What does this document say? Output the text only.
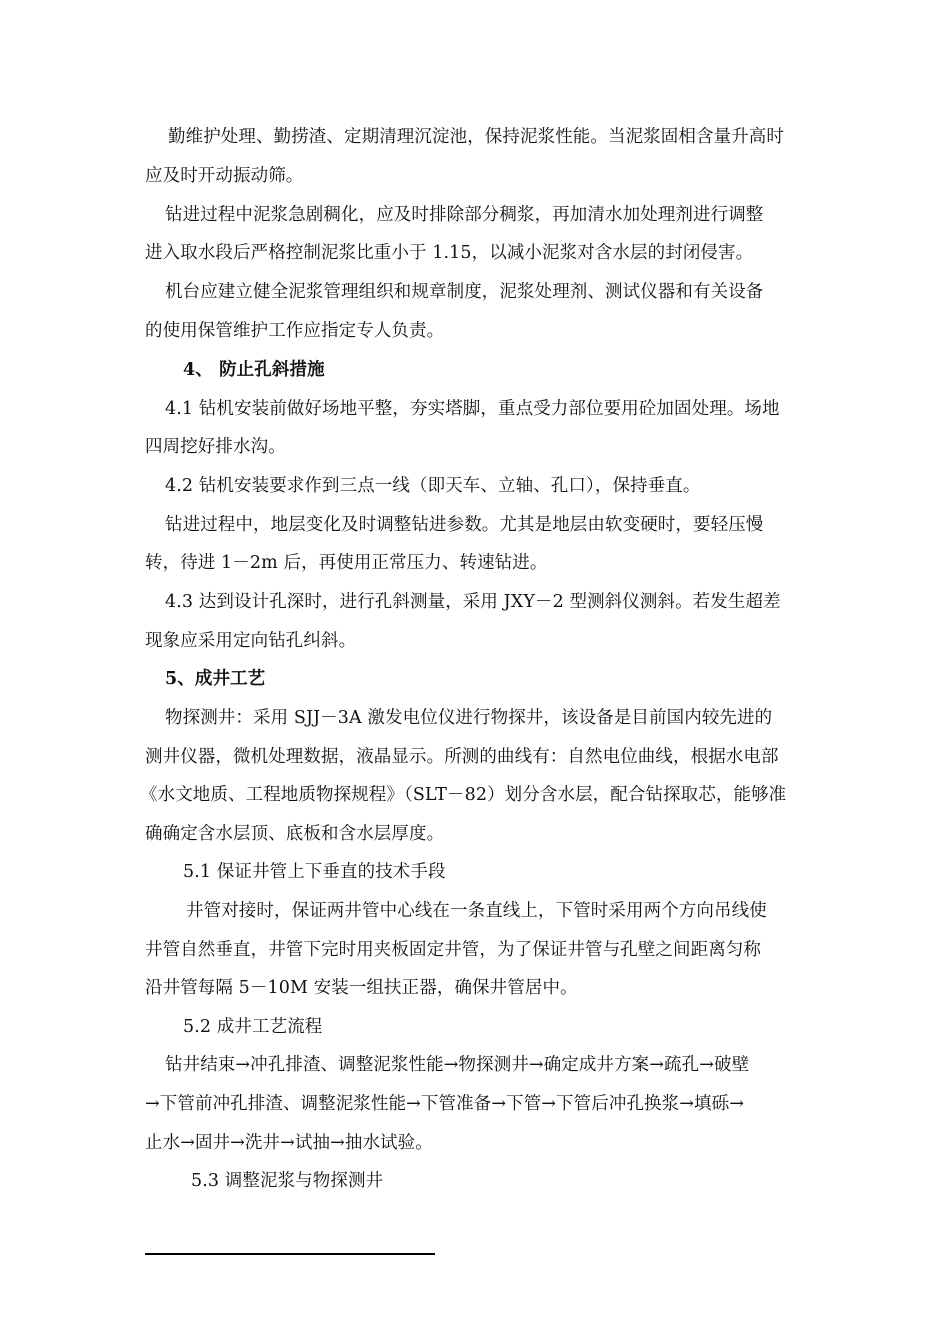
勤维护处理、勤捞渣、定期清理沉淀池，保持泥浆性能。当泥浆固相含量升高时
应及时开动振动筛。
钻进过程中泥浆急剧稠化，应及时排除部分稠浆，再加清水加处理剂进行调整
进入取水段后严格控制泥浆比重小于 1.15，以减小泥浆对含水层的封闭侵害。
机台应建立健全泥浆管理组织和规章制度，泥浆处理剂、测试仪器和有关设备
的使用保管维护工作应指定专人负责。
4、 防止孔斜措施
4.1 钻机安装前做好场地平整，夯实塔脚，重点受力部位要用砼加固处理。场地
四周挖好排水沟。
4.2 钻机安装要求作到三点一线（即天车、立轴、孔口），保持垂直。
钻进过程中，地层变化及时调整钻进参数。尤其是地层由软变硬时，要轻压慢
转，待进 1－2m 后，再使用正常压力、转速钻进。
4.3 达到设计孔深时，进行孔斜测量，采用 JXY－2 型测斜仪测斜。若发生超差
现象应采用定向钻孔纠斜。
5、成井工艺
物探测井：采用 SJJ－3A 激发电位仪进行物探井，该设备是目前国内较先进的
测井仪器，微机处理数据，液晶显示。所测的曲线有：自然电位曲线，根据水电部
《水文地质、工程地质物探规程》（SLT－82）划分含水层，配合钻探取芯，能够准
确确定含水层顶、底板和含水层厚度。
5.1 保证井管上下垂直的技术手段
井管对接时，保证两井管中心线在一条直线上，下管时采用两个方向吊线使
井管自然垂直，井管下完时用夹板固定井管，为了保证井管与孔壁之间距离匀称
沿井管每隔 5－10M 安装一组扶正器，确保井管居中。
5.2 成井工艺流程
钻井结束→冲孔排渣、调整泥浆性能→物探测井→确定成井方案→疏孔→破壁
→下管前冲孔排渣、调整泥浆性能→下管准备→下管→下管后冲孔换浆→填砾→
止水→固井→洗井→试抽→抽水试验。
5.3 调整泥浆与物探测井
